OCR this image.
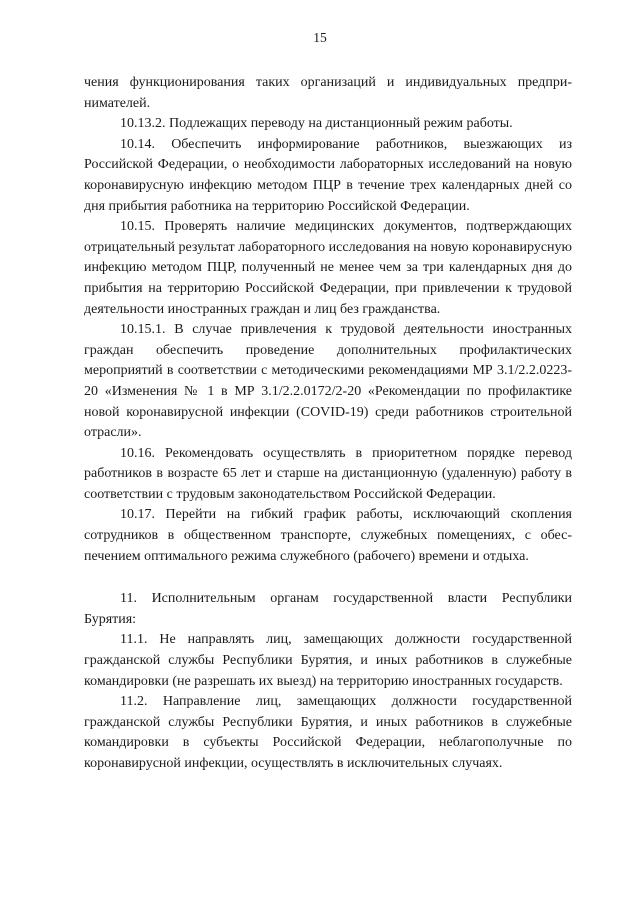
15

чения функционирования таких организаций и индивидуальных предпринимателей.

10.13.2. Подлежащих переводу на дистанционный режим работы.

10.14. Обеспечить информирование работников, выезжающих из Российской Федерации, о необходимости лабораторных исследований на новую коронавирусную инфекцию методом ПЦР в течение трех календарных дней со дня прибытия работника на территорию Российской Федерации.

10.15. Проверять наличие медицинских документов, подтверждающих отрицательный результат лабораторного исследования на новую коронавирусную инфекцию методом ПЦР, полученный не менее чем за три календарных дня до прибытия на территорию Российской Федерации, при привлечении к трудовой деятельности иностранных граждан и лиц без гражданства.

10.15.1. В случае привлечения к трудовой деятельности иностранных граждан обеспечить проведение дополнительных профилактических мероприятий в соответствии с методическими рекомендациями МР 3.1/2.2.0223-20 «Изменения № 1 в МР 3.1/2.2.0172/2-20 «Рекомендации по профилактике новой коронавирусной инфекции (COVID-19) среди работников строительной отрасли».

10.16. Рекомендовать осуществлять в приоритетном порядке перевод работников в возрасте 65 лет и старше на дистанционную (удаленную) работу в соответствии с трудовым законодательством Российской Федерации.

10.17. Перейти на гибкий график работы, исключающий скопления сотрудников в общественном транспорте, служебных помещениях, с обеспечением оптимального режима служебного (рабочего) времени и отдыха.

11. Исполнительным органам государственной власти Республики Бурятия:

11.1. Не направлять лиц, замещающих должности государственной гражданской службы Республики Бурятия, и иных работников в служебные командировки (не разрешать их выезд) на территорию иностранных государств.

11.2. Направление лиц, замещающих должности государственной гражданской службы Республики Бурятия, и иных работников в служебные командировки в субъекты Российской Федерации, неблагополучные по коронавирусной инфекции, осуществлять в исключительных случаях.
